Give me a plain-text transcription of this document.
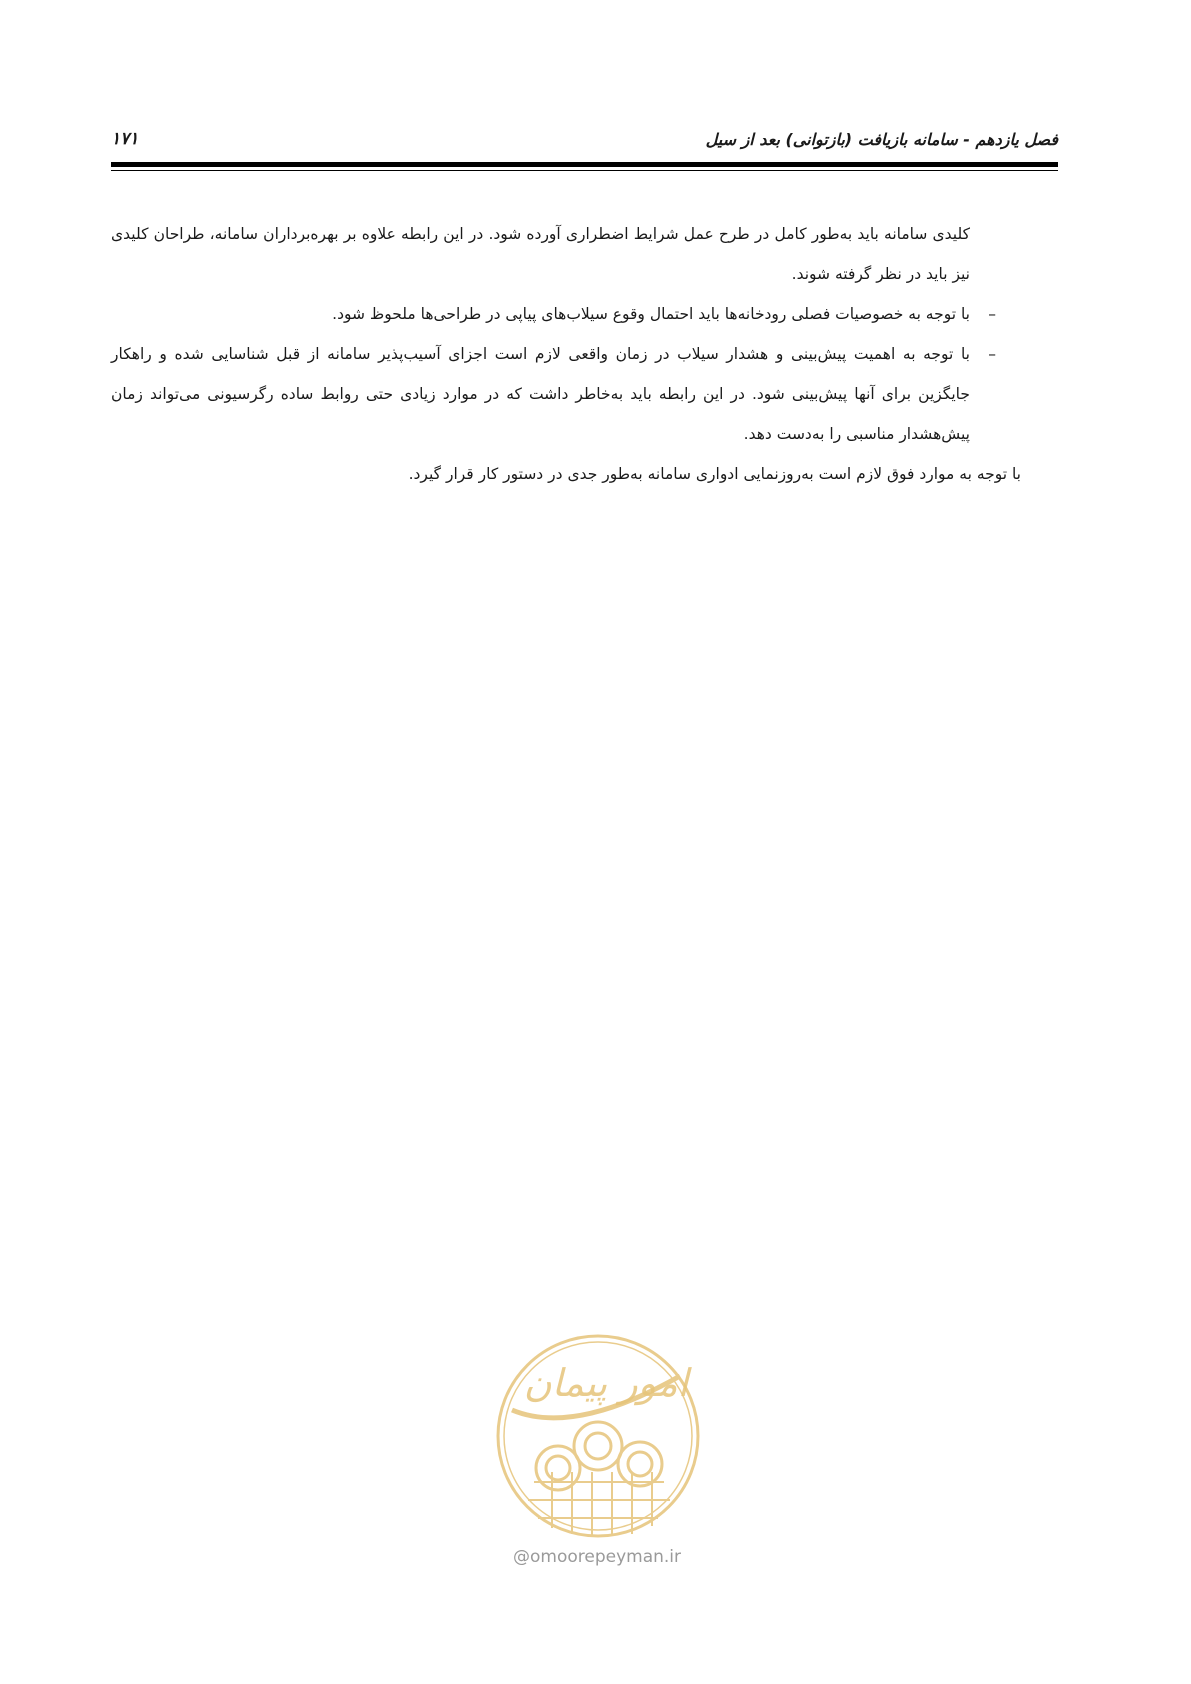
۱۷۱	فصل یازدهم - سامانه بازیافت (بازتوانی) بعد از سیل

کلیدی سامانه باید به‌طور کامل در طرح عمل شرایط اضطراری آورده شود. در این رابطه علاوه بر بهره‌برداران سامانه، طراحان کلیدی نیز باید در نظر گرفته شوند.

–
با توجه به خصوصیات فصلی رودخانه‌ها باید احتمال وقوع سیلاب‌های پیاپی در طراحی‌ها ملحوظ شود.

–
با توجه به اهمیت پیش‌بینی و هشدار سیلاب در زمان واقعی لازم است اجزای آسیب‌پذیر سامانه از قبل شناسایی شده و راهکار جایگزین برای آنها پیش‌بینی شود. در این رابطه باید به‌خاطر داشت که در موارد زیادی حتی روابط ساده رگرسیونی می‌تواند زمان پیش‌هشدار مناسبی را به‌دست دهد.

با توجه به موارد فوق لازم است به‌روزنمایی ادواری سامانه به‌طور جدی در دستور کار قرار گیرد.

امور پیمان
@omoorepeyman.ir
